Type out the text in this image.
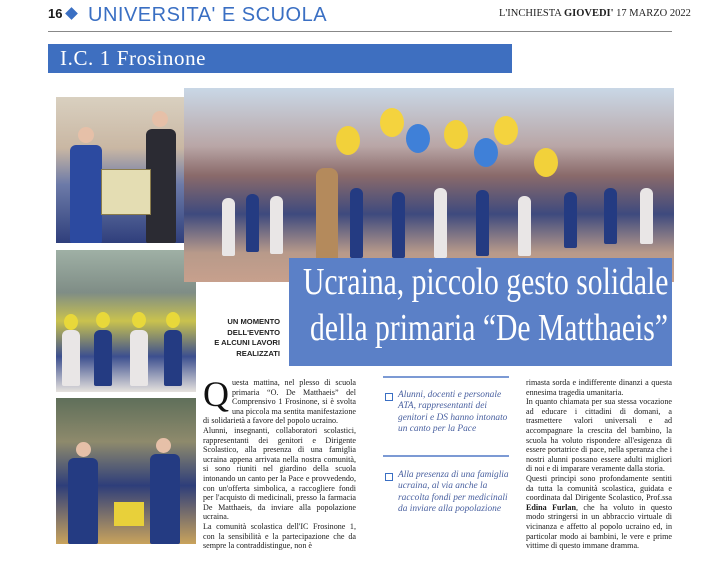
16 UNIVERSITA' E SCUOLA	L'INCHIESTA GIOVEDI' 17 MARZO 2022
I.C. 1 Frosinone
Ucraina, piccolo gesto solidale
della primaria “De Matthaeis”
UN MOMENTO
DELL'EVENTO
E ALCUNI LAVORI
REALIZZATI
Q uesta mattina, nel plesso di scuola primaria “O. De Matthaeis” del Comprensivo 1 Frosinone, si è svolta una piccola ma sentita manifestazione di solidarietà a favore del popolo ucraino.

Alunni, insegnanti, collaboratori scolastici, rappresentanti dei genitori e Dirigente Scolastico, alla presenza di una famiglia ucraina appena arrivata nella nostra comunità, si sono riuniti nel giardino della scuola intonando un canto per la Pace e provvedendo, con un'offerta simbolica, a raccogliere fondi per l'acquisto di medicinali, presso la farmacia De Matthaeis, da inviare alla popolazione ucraina.

La comunità scolastica dell'IC Frosinone 1, con la sensibilità e la partecipazione che da sempre la contraddistingue, non è

Alunni, docenti e personale ATA, rappresentanti dei genitori e DS hanno intonato un canto per la Pace
Alla presenza di una famiglia ucraina, al via anche la raccolta fondi per medicinali da inviare alla popolazione

rimasta sorda e indifferente dinanzi a questa ennesima tragedia umanitaria.

In quanto chiamata per sua stessa vocazione ad educare i cittadini di domani, a trasmettere valori universali e ad accompagnare la crescita del bambino, la scuola ha voluto rispondere all'esigenza di essere portatrice di pace, nella speranza che i nostri alunni possano essere adulti migliori di noi e di imparare veramente dalla storia.

Questi principi sono profondamente sentiti da tutta la comunità scolastica, guidata e coordinata dal Dirigente Scolastico, Prof.ssa Edina Furlan, che ha voluto in questo modo stringersi in un abbraccio virtuale di vicinanza e affetto al popolo ucraino ed, in particolar modo ai bambini, le vere e prime vittime di questo immane dramma.
